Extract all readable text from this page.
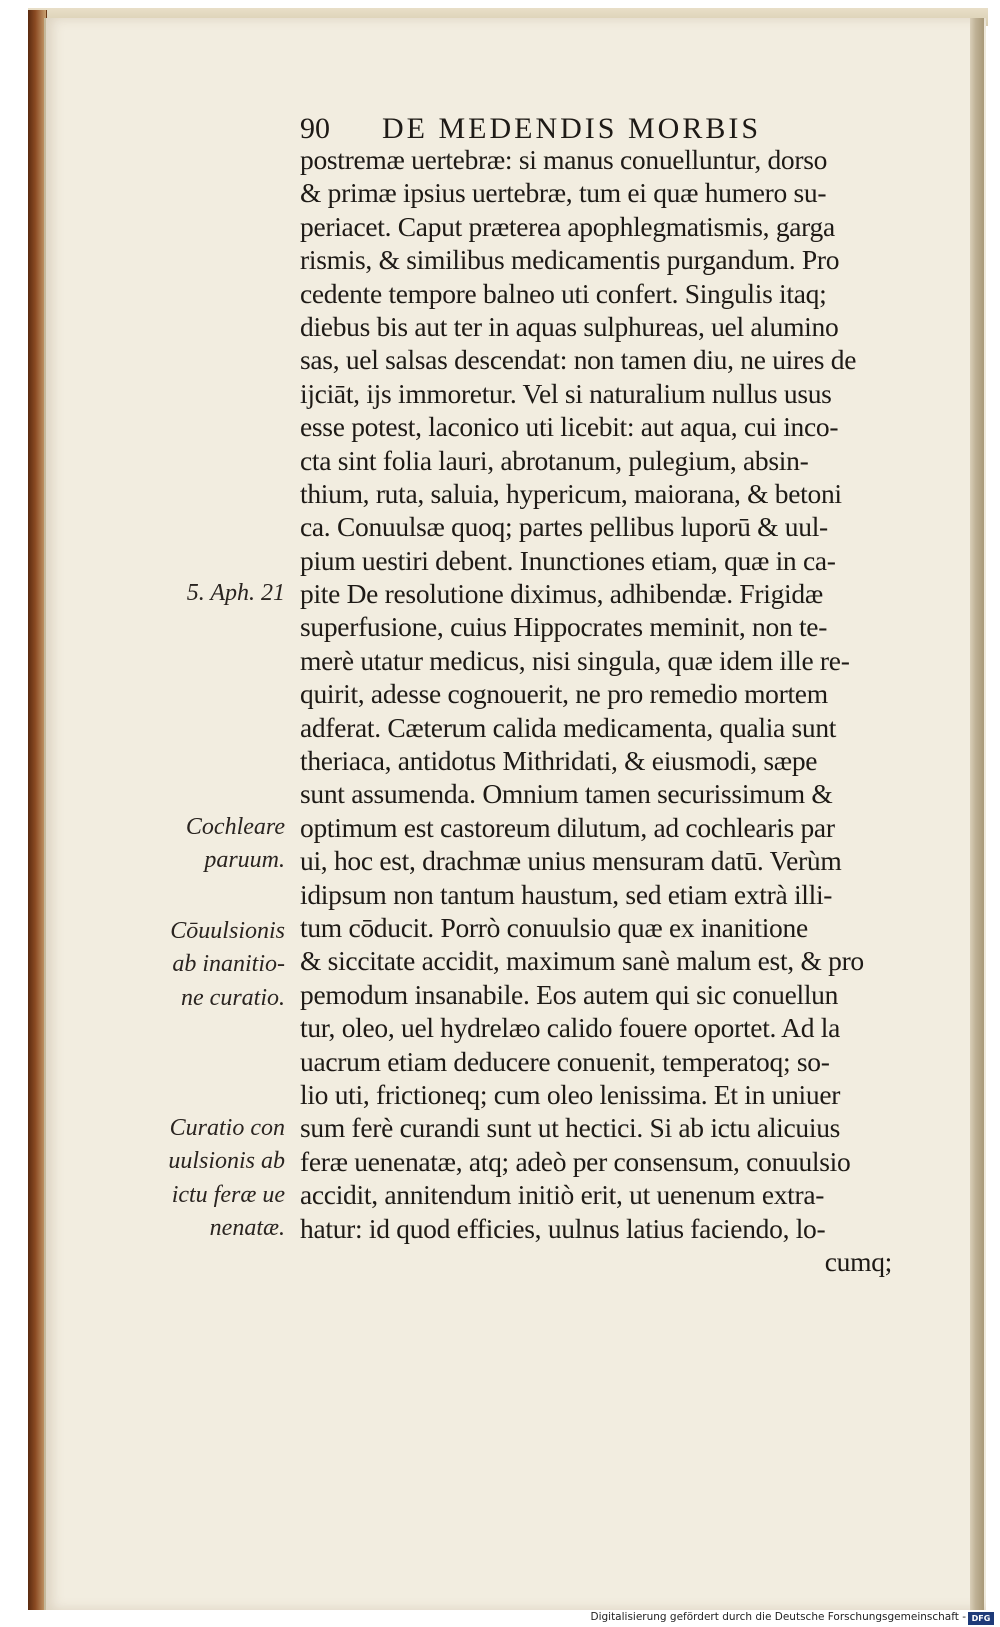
90 DE MEDENDIS MORBIS
postremæ uertebræ: si manus conuelluntur, dorso
& primæ ipsius uertebræ, tum ei quæ humero su-
periacet. Caput præterea apophlegmatismis, garga
rismis, & similibus medicamentis purgandum. Pro
cedente tempore balneo uti confert. Singulis itaq;
diebus bis aut ter in aquas sulphureas, uel alumino
sas, uel salsas descendat: non tamen diu, ne uires de
ijciāt, ijs immoretur. Vel si naturalium nullus usus
esse potest, laconico uti licebit: aut aqua, cui inco-
cta sint folia lauri, abrotanum, pulegium, absin-
thium, ruta, saluia, hypericum, maiorana, & betoni
ca. Conuulsæ quoq; partes pellibus luporū & uul-
pium uestiri debent. Inunctiones etiam, quæ in ca-
pite De resolutione diximus, adhibendæ. Frigidæ
superfusione, cuius Hippocrates meminit, non te-
merè utatur medicus, nisi singula, quæ idem ille re-
quirit, adesse cognouerit, ne pro remedio mortem
adferat. Cæterum calida medicamenta, qualia sunt
theriaca, antidotus Mithridati, & eiusmodi, sæpe
sunt assumenda. Omnium tamen securissimum &
optimum est castoreum dilutum, ad cochlearis par
ui, hoc est, drachmæ unius mensuram datū. Verùm
idipsum non tantum haustum, sed etiam extrà illi-
tum cōducit. Porrò conuulsio quæ ex inanitione
& siccitate accidit, maximum sanè malum est, & pro
pemodum insanabile. Eos autem qui sic conuellun
tur, oleo, uel hydrelæo calido fouere oportet. Ad la
uacrum etiam deducere conuenit, temperatoq; so-
lio uti, frictioneq; cum oleo lenissima. Et in uniuer
sum ferè curandi sunt ut hectici. Si ab ictu alicuius
feræ uenenatæ, atq; adeò per consensum, conuulsio
accidit, annitendum initiò erit, ut uenenum extra-
hatur: id quod efficies, uulnus latius faciendo, lo-
cumq;
5. Aph. 21
Cochleare
paruum.
Cōuulsionis
ab inanitio-
ne curatio.
Curatio con
uulsionis ab
ictu feræ ue
nenatæ.
Digitalisierung gefördert durch die Deutsche Forschungsgemeinschaft - DFG
